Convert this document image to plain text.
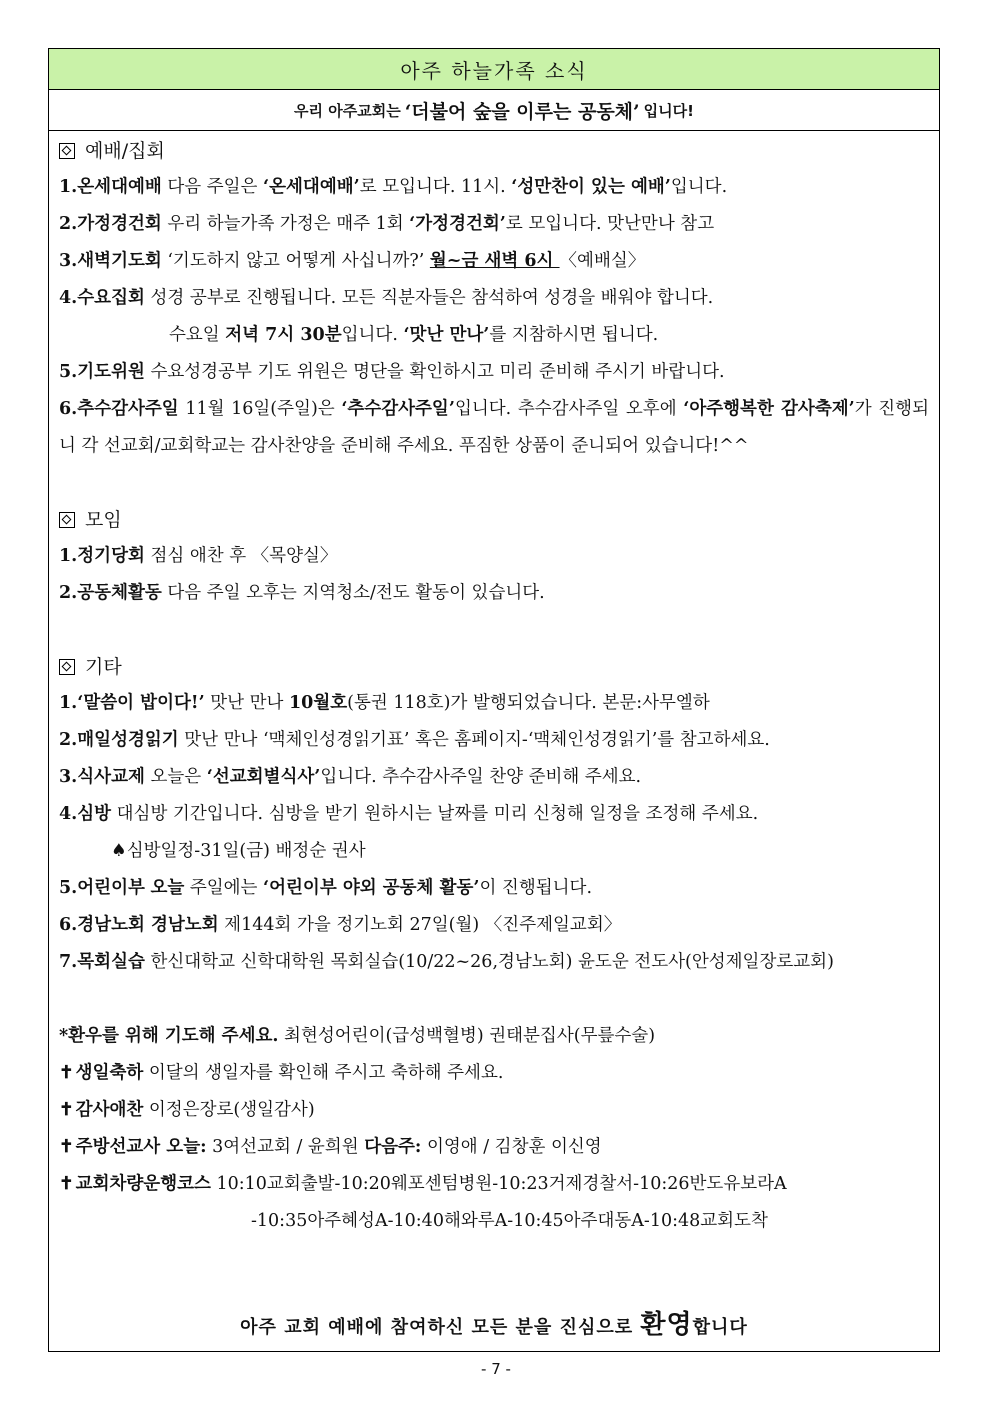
아주 하늘가족 소식
우리 아주교회는 ‘더불어 숲을 이루는 공동체’ 입니다!
예배/집회
1.온세대예배 다음 주일은 ‘온세대예배’로 모입니다. 11시. ‘성만찬이 있는 예배’입니다.
2.가정경건회 우리 하늘가족 가정은 매주 1회 ‘가정경건회’로 모입니다. 맛난만나 참고
3.새벽기도회 ‘기도하지 않고 어떻게 사십니까?’ 월~금 새벽 6시 〈예배실〉
4.수요집회 성경 공부로 진행됩니다. 모든 직분자들은 참석하여 성경을 배워야 합니다.
수요일 저녁 7시 30분입니다. ‘맛난 만나’를 지참하시면 됩니다.
5.기도위원 수요성경공부 기도 위원은 명단을 확인하시고 미리 준비해 주시기 바랍니다.
6.추수감사주일 11월 16일(주일)은 ‘추수감사주일’입니다. 추수감사주일 오후에 ‘아주행복한 감사축제’가 진행되니 각 선교회/교회학교는 감사찬양을 준비해 주세요. 푸짐한 상품이 준니되어 있습니다!^^
모임
1.정기당회 점심 애찬 후 〈목양실〉
2.공동체활동 다음 주일 오후는 지역청소/전도 활동이 있습니다.
기타
1.‘말씀이 밥이다!’ 맛난 만나 10월호(통권 118호)가 발행되었습니다. 본문:사무엘하
2.매일성경읽기 맛난 만나 ‘맥체인성경읽기표’ 혹은 홈페이지-‘맥체인성경읽기’를 참고하세요.
3.식사교제 오늘은 ‘선교회별식사’입니다. 추수감사주일 찬양 준비해 주세요.
4.심방 대심방 기간입니다. 심방을 받기 원하시는 날짜를 미리 신청해 일정을 조정해 주세요.
♠심방일정-31일(금) 배정순 권사
5.어린이부 오늘 주일에는 ‘어린이부 야외 공동체 활동’이 진행됩니다.
6.경남노회 경남노회 제144회 가을 정기노회 27일(월) 〈진주제일교회〉
7.목회실습 한신대학교 신학대학원 목회실습(10/22~26,경남노회) 윤도운 전도사(안성제일장로교회)
*환우를 위해 기도해 주세요. 최현성어린이(급성백혈병) 권태분집사(무릎수술)
✝ 생일축하 이달의 생일자를 확인해 주시고 축하해 주세요.
✝ 감사애찬 이정은장로(생일감사)
✝ 주방선교사 오늘: 3여선교회 / 윤희원 다음주: 이영애 / 김창훈 이신영
✝ 교회차량운행코스 10:10교회출발-10:20웨포센텀병원-10:23거제경찰서-10:26반도유보라A
-10:35아주혜성A-10:40해와루A-10:45아주대동A-10:48교회도착
아주 교회 예배에 참여하신 모든 분을 진심으로 환영합니다
- 7 -
